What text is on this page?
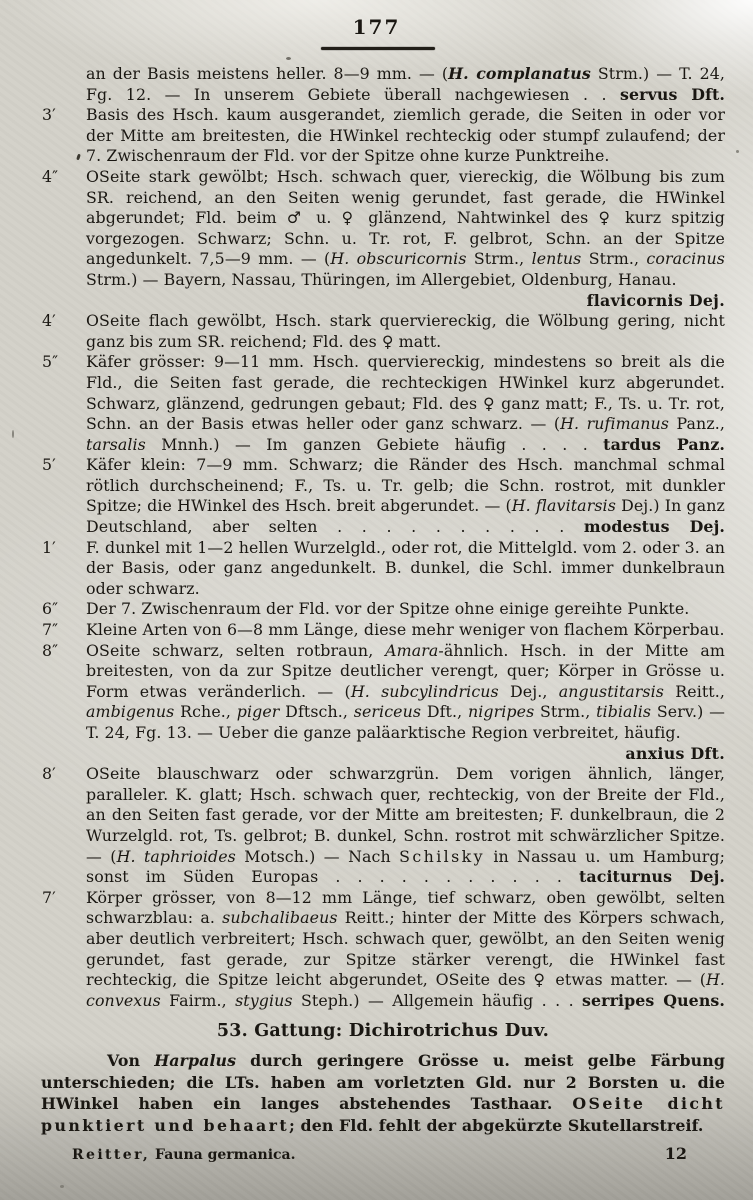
177
an der Basis meistens heller. 8—9 mm. — (H. complanatus Strm.) — T. 24, Fg. 12. — In unserem Gebiete überall nachgewiesen . . servus Dft.
3′ Basis des Hsch. kaum ausgerandet, ziemlich gerade, die Seiten in oder vor der Mitte am breitesten, die HWinkel rechteckig oder stumpf zulaufend; der 7. Zwischenraum der Fld. vor der Spitze ohne kurze Punktreihe.
4″ OSeite stark gewölbt; Hsch. schwach quer, viereckig, die Wölbung bis zum SR. reichend, an den Seiten wenig gerundet, fast gerade, die HWinkel abgerundet; Fld. beim ♂ u. ♀ glänzend, Nahtwinkel des ♀ kurz spitzig vorgezogen. Schwarz; Schn. u. Tr. rot, F. gelbrot, Schn. an der Spitze angedunkelt. 7,5—9 mm. — (H. obscuricornis Strm., lentus Strm., coracinus Strm.) — Bayern, Nassau, Thüringen, im Allergebiet, Oldenburg, Hanau.
flavicornis Dej.
4′ OSeite flach gewölbt, Hsch. stark querviereckig, die Wölbung gering, nicht ganz bis zum SR. reichend; Fld. des ♀ matt.
5″ Käfer grösser: 9—11 mm. Hsch. querviereckig, mindestens so breit als die Fld., die Seiten fast gerade, die rechteckigen HWinkel kurz abgerundet. Schwarz, glänzend, gedrungen gebaut; Fld. des ♀ ganz matt; F., Ts. u. Tr. rot, Schn. an der Basis etwas heller oder ganz schwarz. — (H. rufimanus Panz., tarsalis Mnnh.) — Im ganzen Gebiete häufig . . . . tardus Panz.
5′ Käfer klein: 7—9 mm. Schwarz; die Ränder des Hsch. manchmal schmal rötlich durchscheinend; F., Ts. u. Tr. gelb; die Schn. rostrot, mit dunkler Spitze; die HWinkel des Hsch. breit abgerundet. — (H. flavitarsis Dej.) In ganz Deutschland, aber selten . . . . . . . . . . modestus Dej.
1′ F. dunkel mit 1—2 hellen Wurzelgld., oder rot, die Mittelgld. vom 2. oder 3. an der Basis, oder ganz angedunkelt. B. dunkel, die Schl. immer dunkelbraun oder schwarz.
6″ Der 7. Zwischenraum der Fld. vor der Spitze ohne einige gereihte Punkte.
7″ Kleine Arten von 6—8 mm Länge, diese mehr weniger von flachem Körperbau.
8″ OSeite schwarz, selten rotbraun, Amara-ähnlich. Hsch. in der Mitte am breitesten, von da zur Spitze deutlicher verengt, quer; Körper in Grösse u. Form etwas veränderlich. — (H. subcylindricus Dej., angustitarsis Reitt., ambigenus Rche., piger Dftsch., sericeus Dft., nigripes Strm., tibialis Serv.) — T. 24, Fg. 13. — Ueber die ganze paläarktische Region verbreitet, häufig.
anxius Dft.
8′ OSeite blauschwarz oder schwarzgrün. Dem vorigen ähnlich, länger, paralleler. K. glatt; Hsch. schwach quer, rechteckig, von der Breite der Fld., an den Seiten fast gerade, vor der Mitte am breitesten; F. dunkelbraun, die 2 Wurzelgld. rot, Ts. gelbrot; B. dunkel, Schn. rostrot mit schwärzlicher Spitze. — (H. taphrioides Motsch.) — Nach Schilsky in Nassau u. um Hamburg; sonst im Süden Europas . . . . . . . . . . . taciturnus Dej.
7′ Körper grösser, von 8—12 mm Länge, tief schwarz, oben gewölbt, selten schwarzblau: a. subchalibaeus Reitt.; hinter der Mitte des Körpers schwach, aber deutlich verbreitert; Hsch. schwach quer, gewölbt, an den Seiten wenig gerundet, fast gerade, zur Spitze stärker verengt, die HWinkel fast rechteckig, die Spitze leicht abgerundet, OSeite des ♀ etwas matter. — (H. convexus Fairm., stygius Steph.) — Allgemein häufig . . . serripes Quens.
53. Gattung: Dichirotrichus Duv.

Von Harpalus durch geringere Grösse u. meist gelbe Färbung unterschieden; die LTs. haben am vorletzten Gld. nur 2 Borsten u. die HWinkel haben ein langes abstehendes Tasthaar. OSeite dicht punktiert und behaart; den Fld. fehlt der abgekürzte Skutellarstreif.

Reitter, Fauna germanica.	12
